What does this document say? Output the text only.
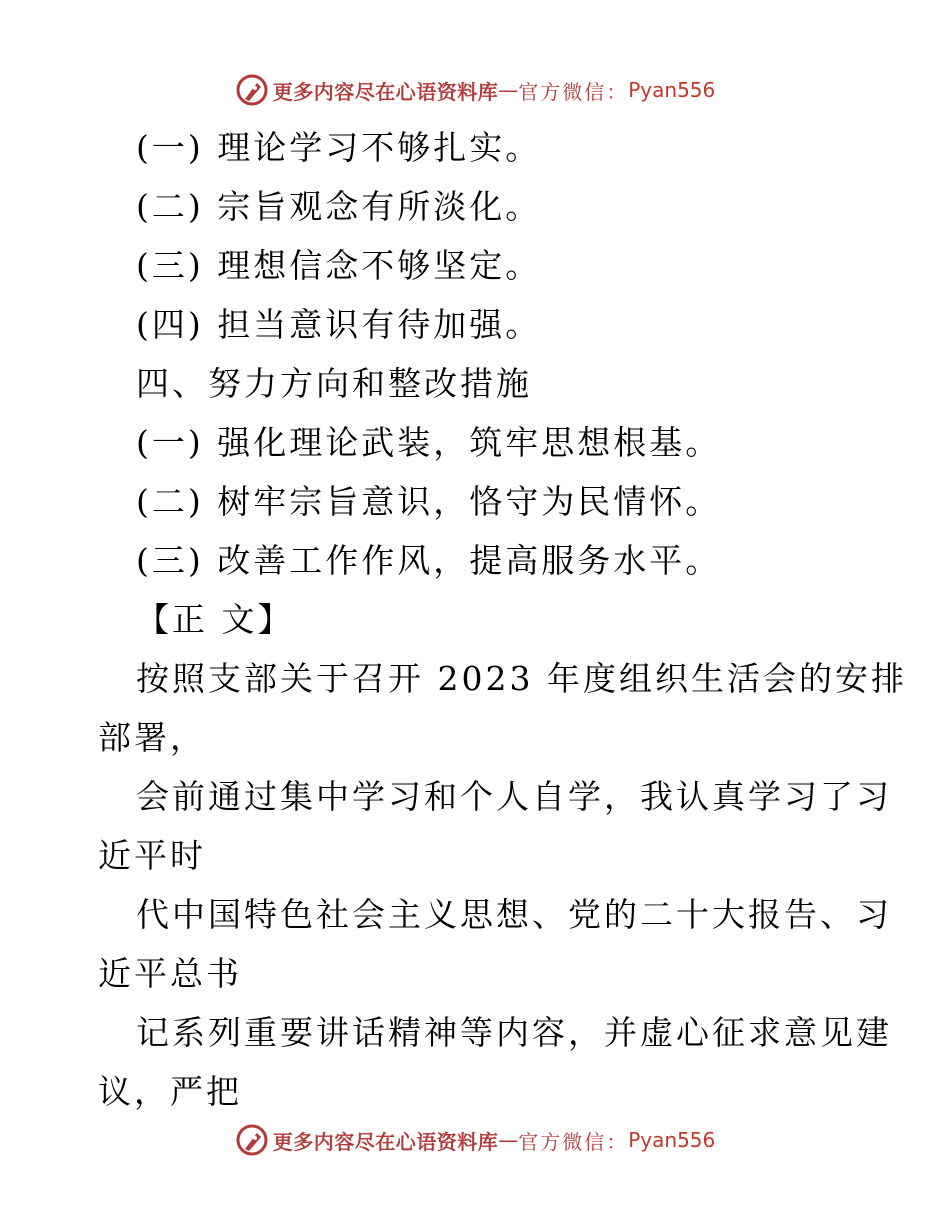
更多内容尽在心语资料库 — 官方微信： Pyan556
(一) 理论学习不够扎实。
(二) 宗旨观念有所淡化。
(三) 理想信念不够坚定。
(四) 担当意识有待加强。
四、努力方向和整改措施
(一) 强化理论武装，筑牢思想根基。
(二) 树牢宗旨意识，恪守为民情怀。
(三) 改善工作作风，提高服务水平。
【正 文】
按照支部关于召开 2023 年度组织生活会的安排
部署，
会前通过集中学习和个人自学，我认真学习了习
近平时
代中国特色社会主义思想、党的二十大报告、习
近平总书
记系列重要讲话精神等内容，并虚心征求意见建
议，严把
更多内容尽在心语资料库 — 官方微信： Pyan556
